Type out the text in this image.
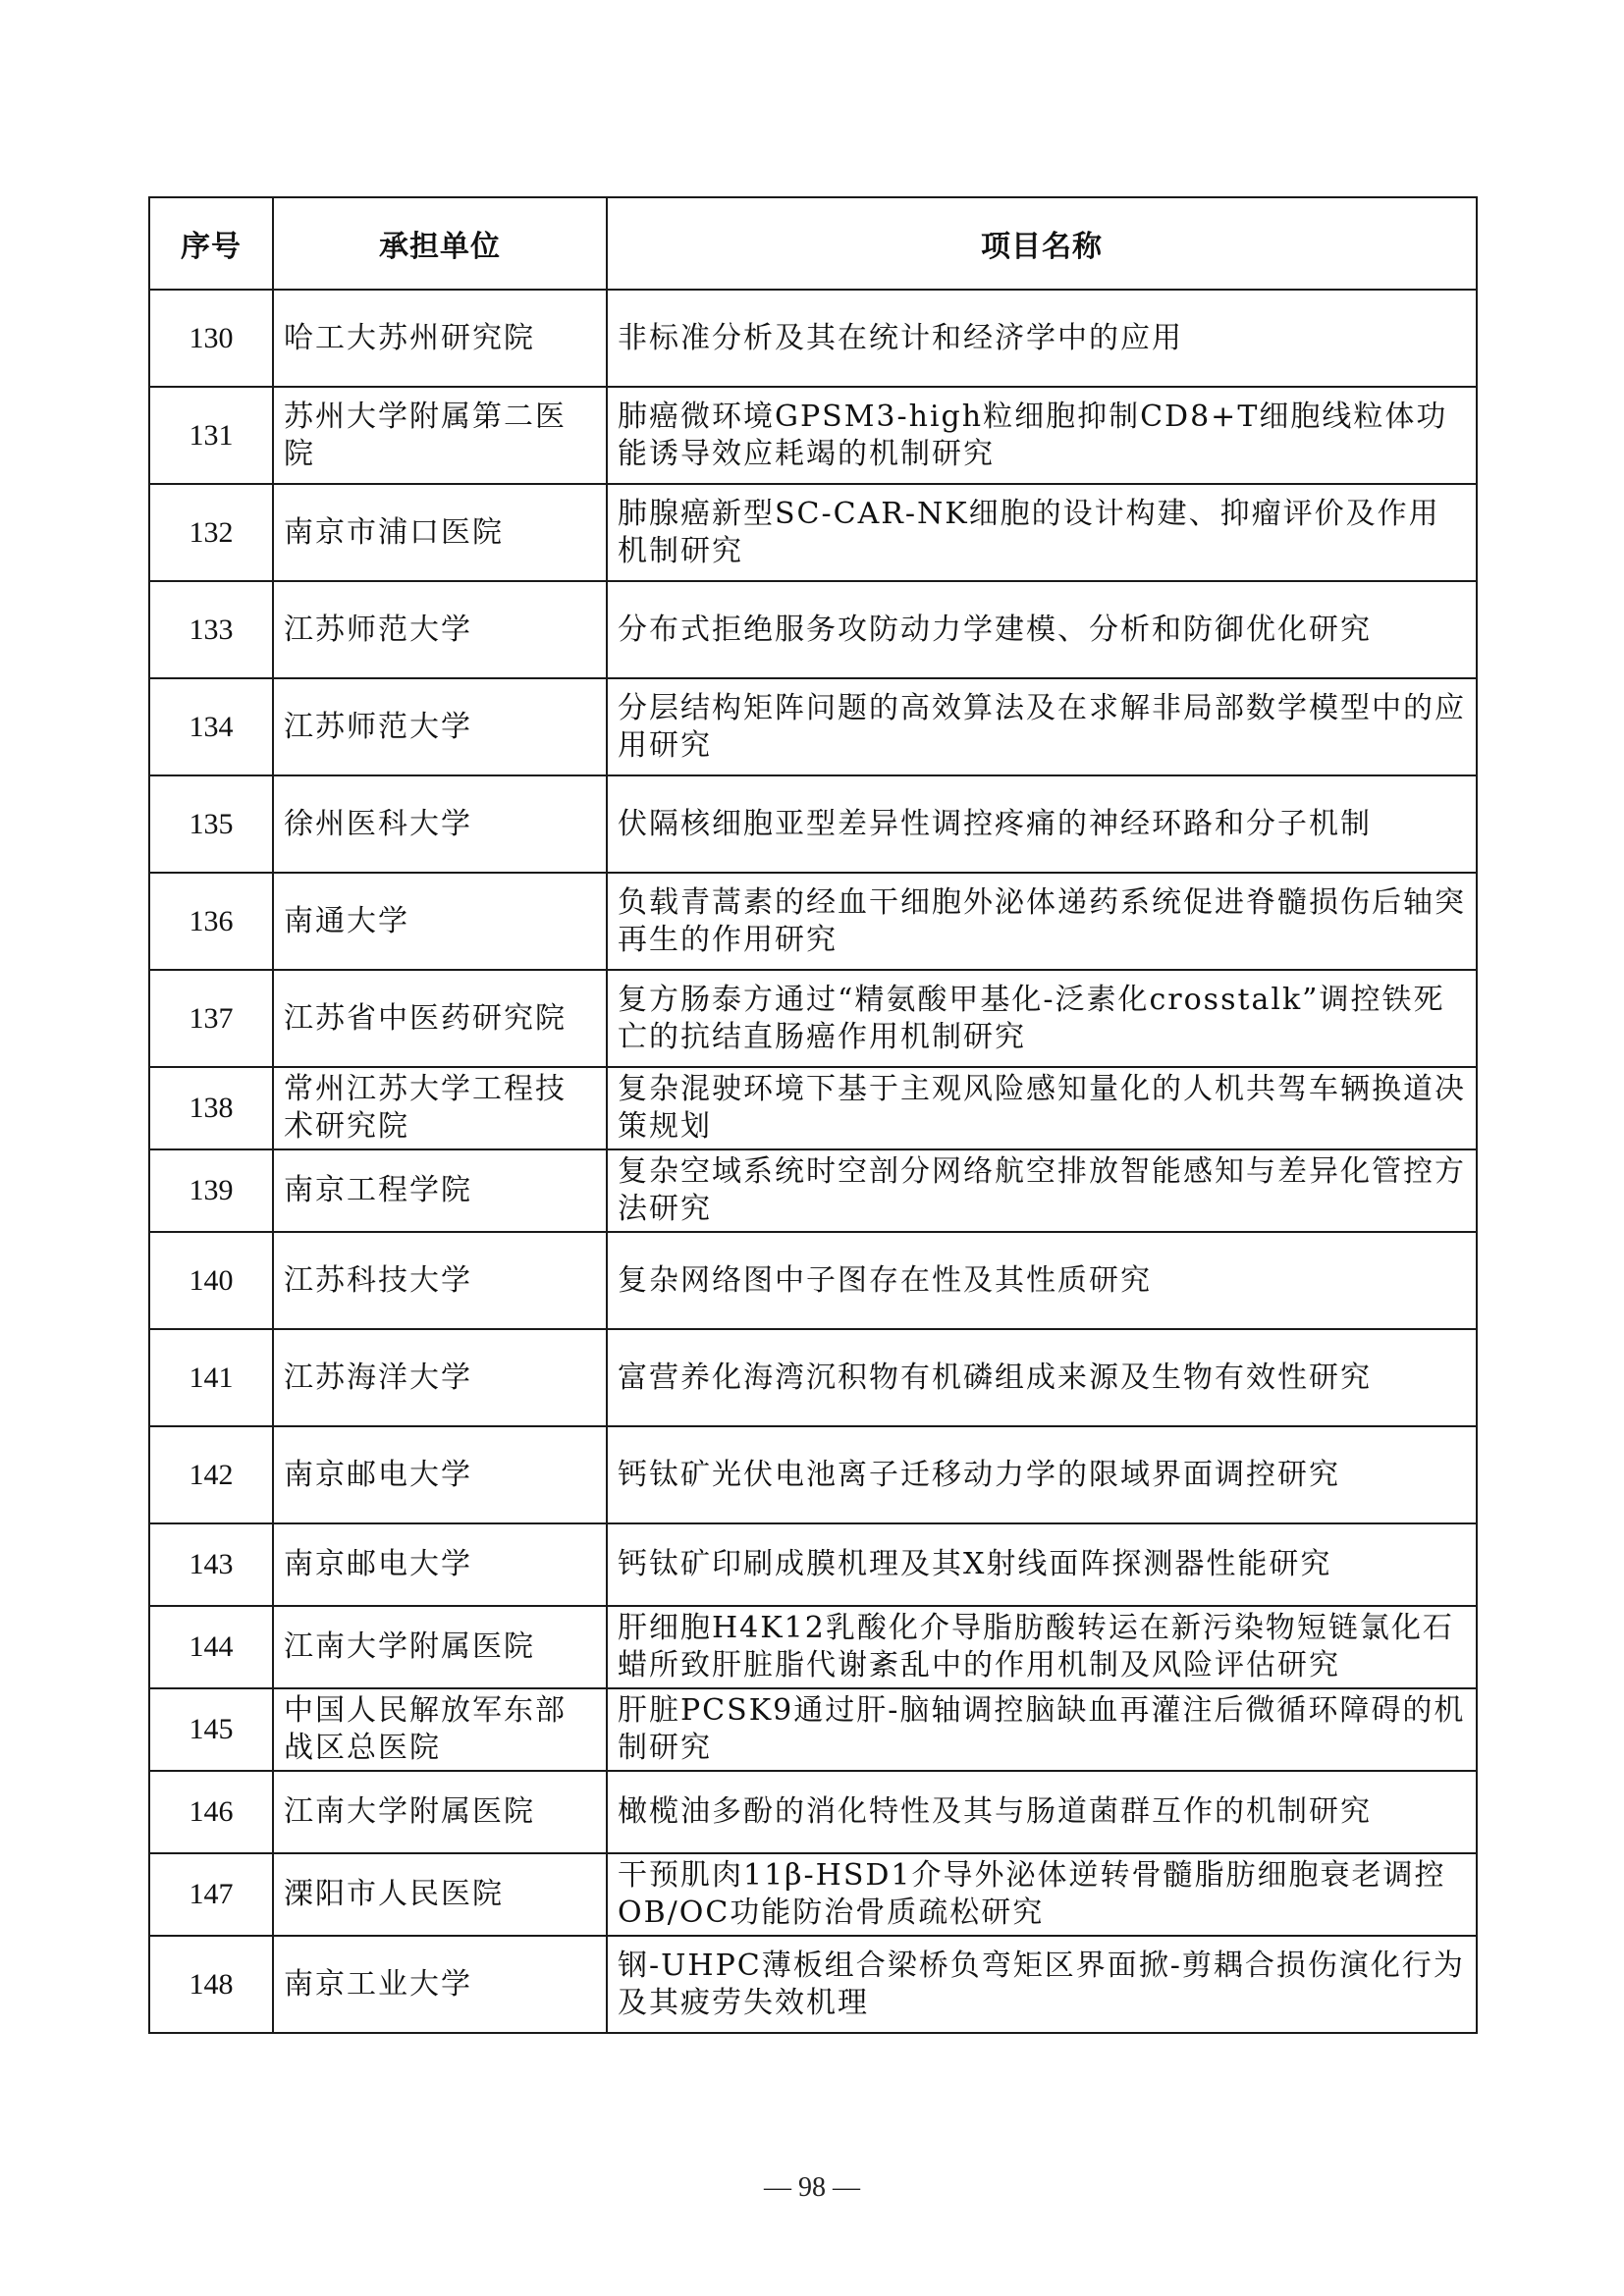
序号	承担单位	项目名称
130	哈工大苏州研究院	非标准分析及其在统计和经济学中的应用
131	苏州大学附属第二医院	肺癌微环境GPSM3-high粒细胞抑制CD8+T细胞线粒体功能诱导效应耗竭的机制研究
132	南京市浦口医院	肺腺癌新型SC-CAR-NK细胞的设计构建、抑瘤评价及作用机制研究
133	江苏师范大学	分布式拒绝服务攻防动力学建模、分析和防御优化研究
134	江苏师范大学	分层结构矩阵问题的高效算法及在求解非局部数学模型中的应用研究
135	徐州医科大学	伏隔核细胞亚型差异性调控疼痛的神经环路和分子机制
136	南通大学	负载青蒿素的经血干细胞外泌体递药系统促进脊髓损伤后轴突再生的作用研究
137	江苏省中医药研究院	复方肠泰方通过“精氨酸甲基化-泛素化crosstalk”调控铁死亡的抗结直肠癌作用机制研究
138	常州江苏大学工程技术研究院	复杂混驶环境下基于主观风险感知量化的人机共驾车辆换道决策规划
139	南京工程学院	复杂空域系统时空剖分网络航空排放智能感知与差异化管控方法研究
140	江苏科技大学	复杂网络图中子图存在性及其性质研究
141	江苏海洋大学	富营养化海湾沉积物有机磷组成来源及生物有效性研究
142	南京邮电大学	钙钛矿光伏电池离子迁移动力学的限域界面调控研究
143	南京邮电大学	钙钛矿印刷成膜机理及其X射线面阵探测器性能研究
144	江南大学附属医院	肝细胞H4K12乳酸化介导脂肪酸转运在新污染物短链氯化石蜡所致肝脏脂代谢紊乱中的作用机制及风险评估研究
145	中国人民解放军东部战区总医院	肝脏PCSK9通过肝-脑轴调控脑缺血再灌注后微循环障碍的机制研究
146	江南大学附属医院	橄榄油多酚的消化特性及其与肠道菌群互作的机制研究
147	溧阳市人民医院	干预肌肉11β-HSD1介导外泌体逆转骨髓脂肪细胞衰老调控OB/OC功能防治骨质疏松研究
148	南京工业大学	钢-UHPC薄板组合梁桥负弯矩区界面掀-剪耦合损伤演化行为及其疲劳失效机理
— 98 —
